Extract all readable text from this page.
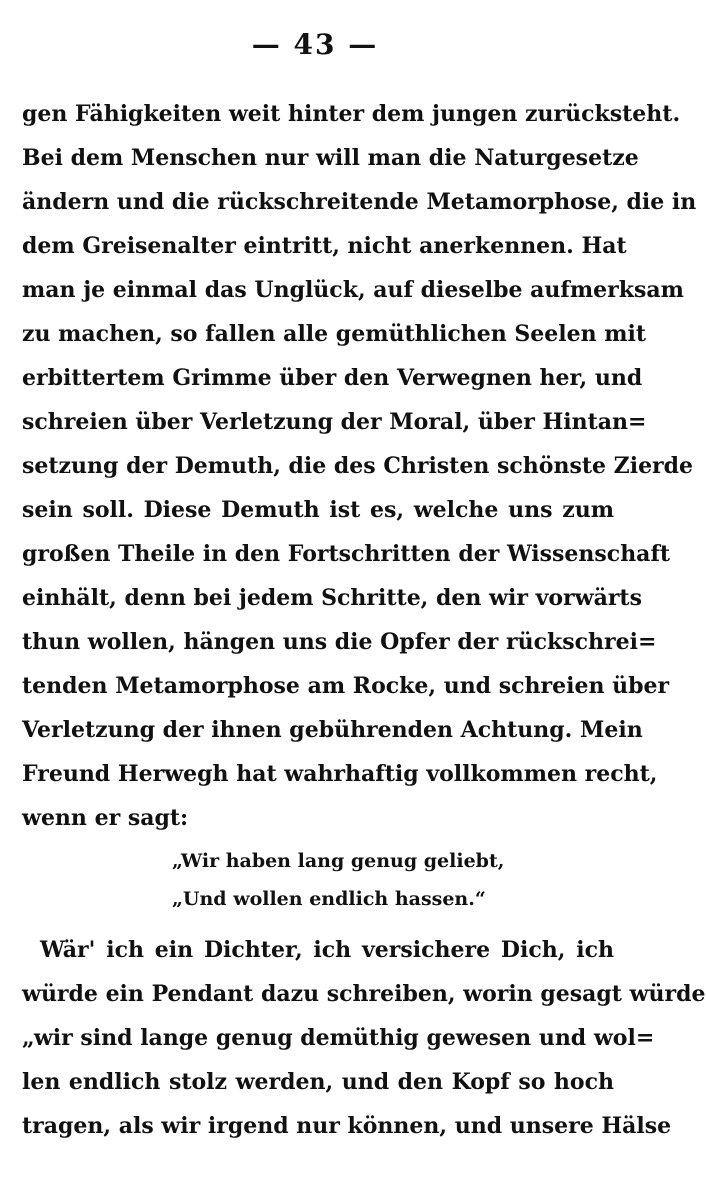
— 43 —
gen Fähigkeiten weit hinter dem jungen zurücksteht.
Bei dem Menschen nur will man die Naturgesetze
ändern und die rückschreitende Metamorphose, die in
dem Greisenalter eintritt, nicht anerkennen. Hat
man je einmal das Unglück, auf dieselbe aufmerksam
zu machen, so fallen alle gemüthlichen Seelen mit
erbittertem Grimme über den Verwegnen her, und
schreien über Verletzung der Moral, über Hintan=
setzung der Demuth, die des Christen schönste Zierde
sein soll. Diese Demuth ist es, welche uns zum
großen Theile in den Fortschritten der Wissenschaft
einhält, denn bei jedem Schritte, den wir vorwärts
thun wollen, hängen uns die Opfer der rückschrei=
tenden Metamorphose am Rocke, und schreien über
Verletzung der ihnen gebührenden Achtung. Mein
Freund Herwegh hat wahrhaftig vollkommen recht,
wenn er sagt:
„Wir haben lang genug geliebt,
„Und wollen endlich hassen.“
Wär' ich ein Dichter, ich versichere Dich, ich
würde ein Pendant dazu schreiben, worin gesagt würde
„wir sind lange genug demüthig gewesen und wol=
len endlich stolz werden, und den Kopf so hoch
tragen, als wir irgend nur können, und unsere Hälse
